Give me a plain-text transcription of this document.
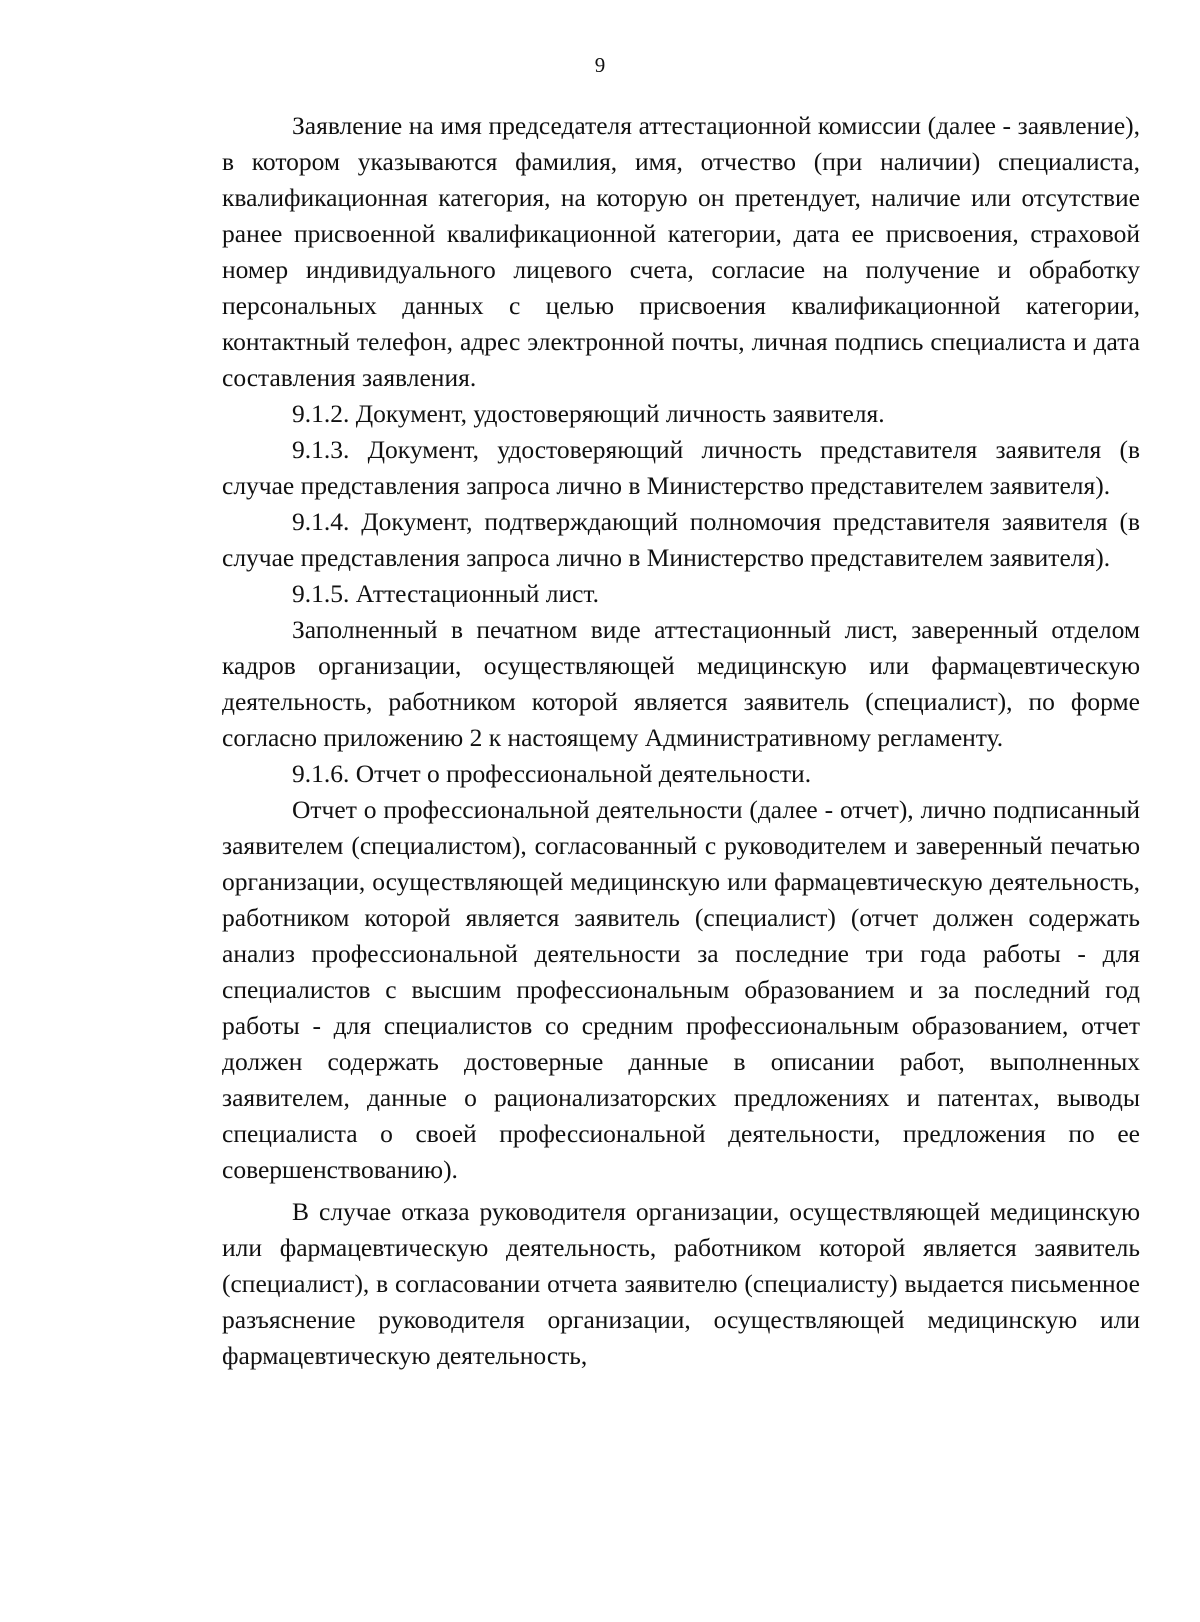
9

Заявление на имя председателя аттестационной комиссии (далее - заявление), в котором указываются фамилия, имя, отчество (при наличии) специалиста, квалификационная категория, на которую он претендует, наличие или отсутствие ранее присвоенной квалификационной категории, дата ее присвоения, страховой номер индивидуального лицевого счета, согласие на получение и обработку персональных данных с целью присвоения квалификационной категории, контактный телефон, адрес электронной почты, личная подпись специалиста и дата составления заявления.

9.1.2. Документ, удостоверяющий личность заявителя.

9.1.3. Документ, удостоверяющий личность представителя заявителя (в случае представления запроса лично в Министерство представителем заявителя).

9.1.4. Документ, подтверждающий полномочия представителя заявителя (в случае представления запроса лично в Министерство представителем заявителя).

9.1.5. Аттестационный лист.

Заполненный в печатном виде аттестационный лист, заверенный отделом кадров организации, осуществляющей медицинскую или фармацевтическую деятельность, работником которой является заявитель (специалист), по форме согласно приложению 2 к настоящему Административному регламенту.

9.1.6. Отчет о профессиональной деятельности.

Отчет о профессиональной деятельности (далее - отчет), лично подписанный заявителем (специалистом), согласованный с руководителем и заверенный печатью организации, осуществляющей медицинскую или фармацевтическую деятельность, работником которой является заявитель (специалист) (отчет должен содержать анализ профессиональной деятельности за последние три года работы - для специалистов с высшим профессиональным образованием и за последний год работы - для специалистов со средним профессиональным образованием, отчет должен содержать достоверные данные в описании работ, выполненных заявителем, данные о рационализаторских предложениях и патентах, выводы специалиста о своей профессиональной деятельности, предложения по ее совершенствованию).

В случае отказа руководителя организации, осуществляющей медицинскую или фармацевтическую деятельность, работником которой является заявитель (специалист), в согласовании отчета заявителю (специалисту) выдается письменное разъяснение руководителя организации, осуществляющей медицинскую или фармацевтическую деятельность,
